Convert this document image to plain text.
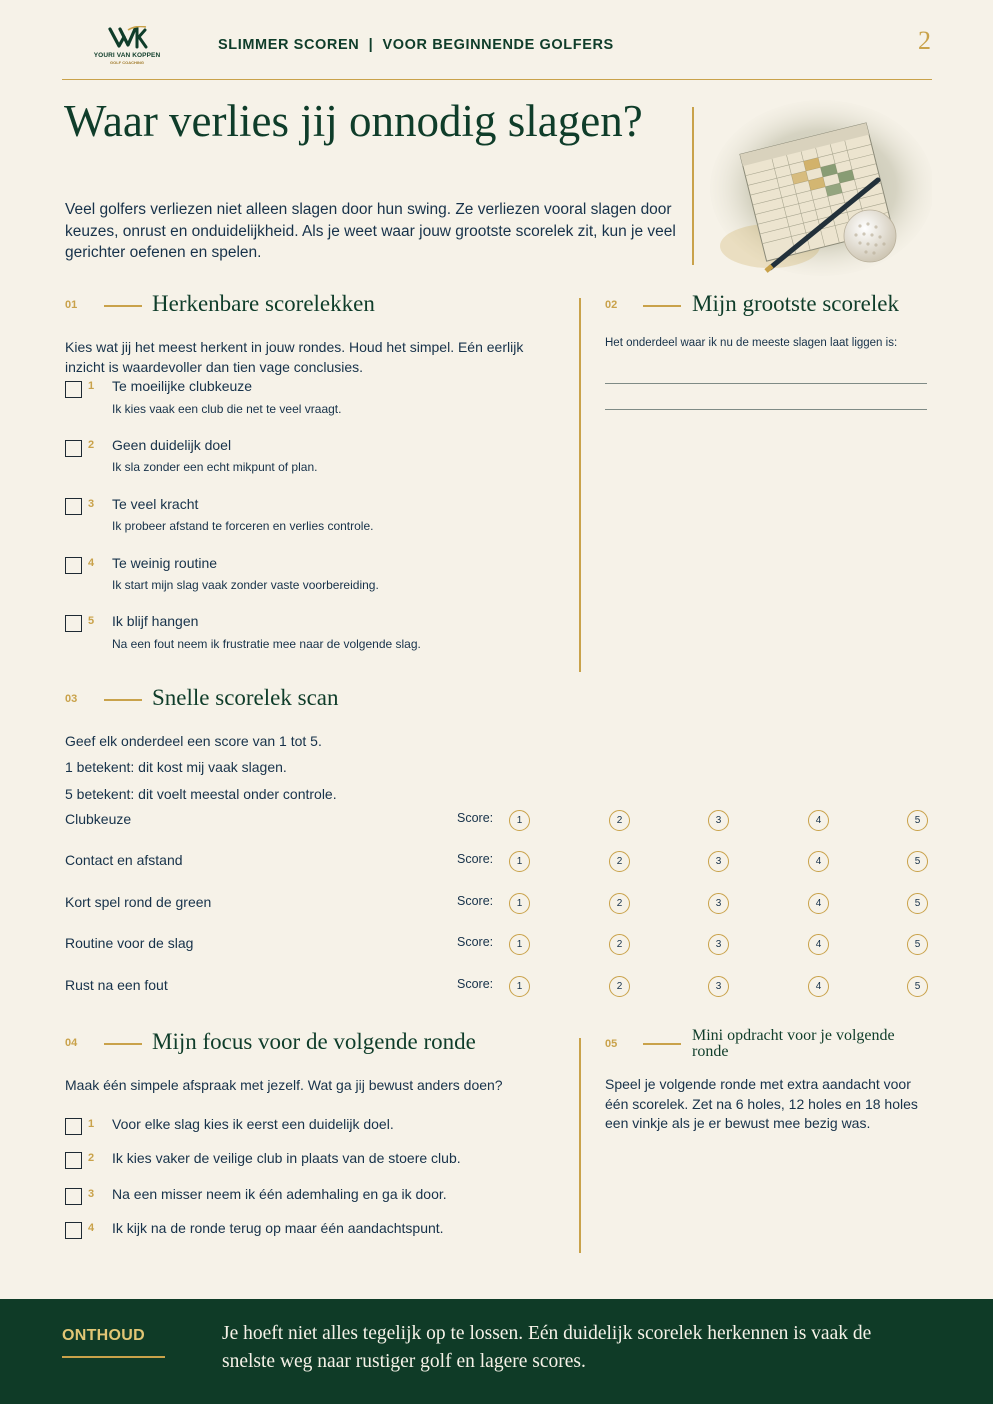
YOURI VAN KOPPEN
GOLF COACHING
SLIMMER SCOREN  |  VOOR BEGINNENDE GOLFERS	2
Waar verlies jij onnodig slagen?
Veel golfers verliezen niet alleen slagen door hun swing. Ze verliezen vooral slagen door keuzes, onrust en onduidelijkheid. Als je weet waar jouw grootste scorelek zit, kun je veel gerichter oefenen en spelen.
01	Herkenbare scorelekken
Kies wat jij het meest herkent in jouw rondes. Houd het simpel. Eén eerlijk inzicht is waardevoller dan tien vage conclusies.
1 Te moeilijke clubkeuze
Ik kies vaak een club die net te veel vraagt.
2 Geen duidelijk doel
Ik sla zonder een echt mikpunt of plan.
3 Te veel kracht
Ik probeer afstand te forceren en verlies controle.
4 Te weinig routine
Ik start mijn slag vaak zonder vaste voorbereiding.
5 Ik blijf hangen
Na een fout neem ik frustratie mee naar de volgende slag.
02	Mijn grootste scorelek
Het onderdeel waar ik nu de meeste slagen laat liggen is:
03	Snelle scorelek scan
Geef elk onderdeel een score van 1 tot 5.
1 betekent: dit kost mij vaak slagen.
5 betekent: dit voelt meestal onder controle.
Clubkeuze	Score:	1	2	3	4	5
Contact en afstand	Score:	1	2	3	4	5
Kort spel rond de green	Score:	1	2	3	4	5
Routine voor de slag	Score:	1	2	3	4	5
Rust na een fout	Score:	1	2	3	4	5
04	Mijn focus voor de volgende ronde
Maak één simpele afspraak met jezelf. Wat ga jij bewust anders doen?
1 Voor elke slag kies ik eerst een duidelijk doel.
2 Ik kies vaker de veilige club in plaats van de stoere club.
3 Na een misser neem ik één ademhaling en ga ik door.
4 Ik kijk na de ronde terug op maar één aandachtspunt.
05	Mini opdracht voor je volgende ronde
Speel je volgende ronde met extra aandacht voor één scorelek. Zet na 6 holes, 12 holes en 18 holes een vinkje als je er bewust mee bezig was.
ONTHOUD	Je hoeft niet alles tegelijk op te lossen. Eén duidelijk scorelek herkennen is vaak de snelste weg naar rustiger golf en lagere scores.
